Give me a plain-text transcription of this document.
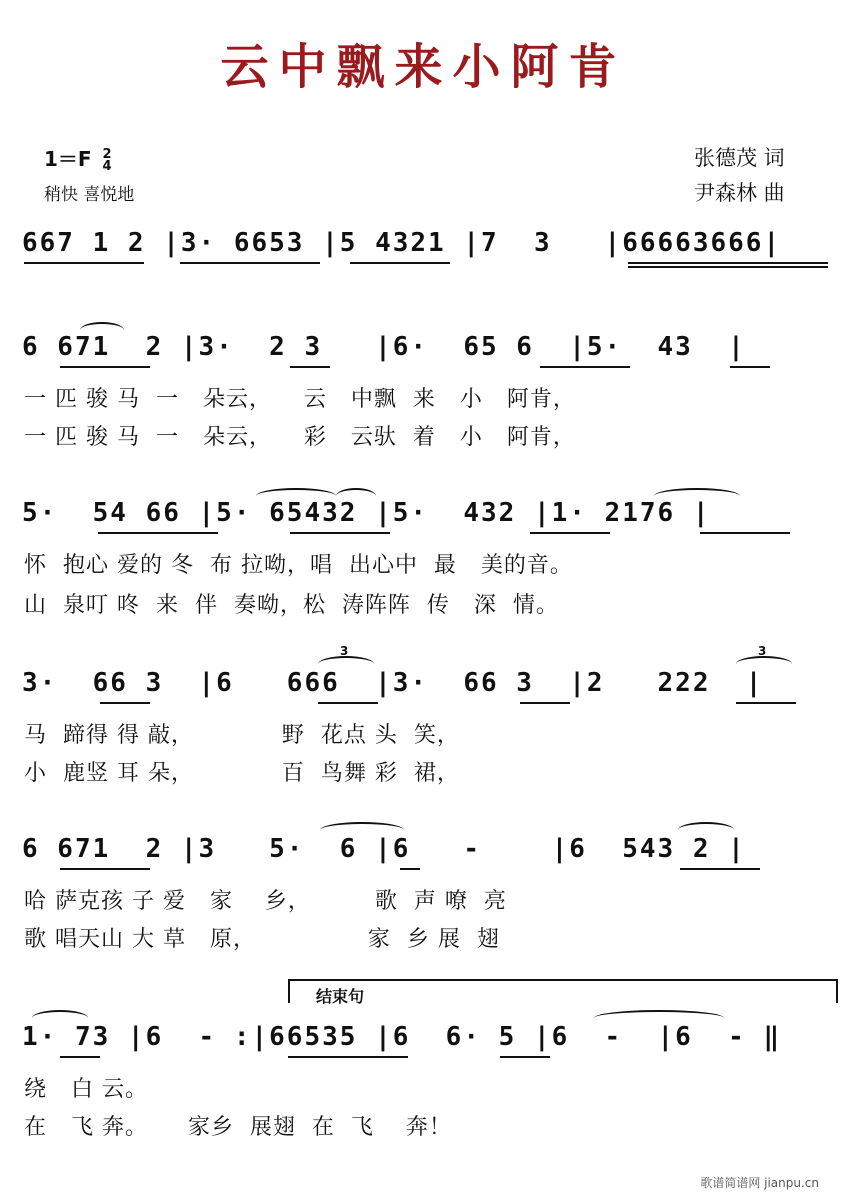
云中飘来小阿肯
1＝F 2
4
稍快 喜悦地
张德茂 词
尹森林 曲
667 1 2 |3· 6653 |5 4321 |7  3   |66663666|
6 671  2 |3·  2 3   |6·  65 6  |5·  43  |
一 匹 骏 马  一   朵云，    云   中飘  来   小   阿肯，
一 匹 骏 马  一   朵云，    彩   云驮  着   小   阿肯，
5·  54 66 |5· 65432 |5·  432 |1· 2176 |
怀  抱心 爱的 冬  布 拉呦，唱  出心中  最   美的音。
山  泉叮 咚  来  伴  奏呦，松  涛阵阵  传   深  情。
3·  66 3  |6   666  |3·  66 3  |2   222  |
3	3
马  蹄得 得 敲，           野  花点 头  笑，
小  鹿竖 耳 朵，           百  鸟舞 彩  裙，
6 671  2 |3   5·  6 |6   -    |6  543 2 |
哈 萨克孩 子 爱   家    乡，        歌  声 嘹  亮
歌 唱天山 大 草   原，              家  乡 展  翅
结束句
1· 73 |6  - :|66535 |6  6· 5 |6  -  |6  - ‖
绕   白 云。
在   飞 奔。     家乡  展翅  在  飞    奔！
歌谱简谱网 jianpu.cn
